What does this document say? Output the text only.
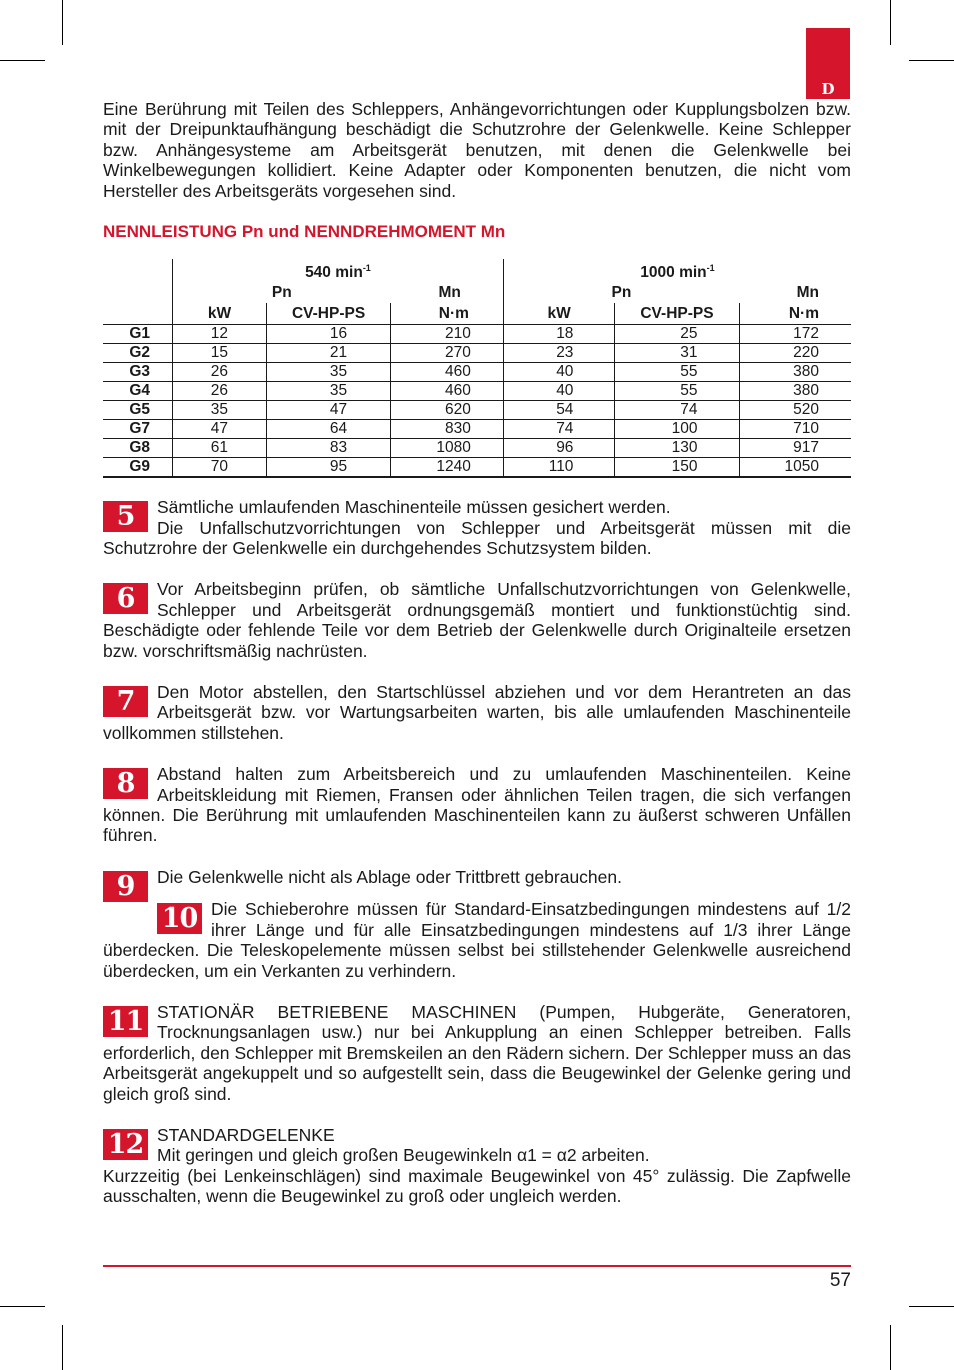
D

Eine Berührung mit Teilen des Schleppers, Anhängevorrichtungen oder Kupplungsbolzen bzw. mit der Dreipunktaufhängung beschädigt die Schutzrohre der Gelenkwelle. Keine Schlepper bzw. Anhängesysteme am Arbeitsgerät benutzen, mit denen die Gelenkwelle bei Winkelbewegungen kollidiert. Keine Adapter oder Komponenten benutzen, die nicht vom Hersteller des Arbeitsgeräts vorgesehen sind.

NENNLEISTUNG Pn und NENNDREHMOMENT Mn
	540 $\min^{-1}$			1000 $\min^{-1}$
	Pn		Mn	Pn		Mn
	kW	CV-HP-PS	N·m	kW	CV-HP-PS	N·m
G1	12	16	210	18	25	172
G2	15	21	270	23	31	220
G3	26	35	460	40	55	380
G4	26	35	460	40	55	380
G5	35	47	620	54	74	520
G7	47	64	830	74	100	710
G8	61	83	1080	96	130	917
G9	70	95	1240	110	150	1050
5	Sämtliche umlaufenden Maschinenteile müssen gesichert werden.
Die Unfallschutzvorrichtungen von Schlepper und Arbeitsgerät müssen mit die Schutzrohre der Gelenkwelle ein durchgehendes Schutzsystem bilden.

6	Vor Arbeitsbeginn prüfen, ob sämtliche Unfallschutzvorrichtungen von Gelenkwelle, Schlepper und Arbeitsgerät ordnungsgemäß montiert und funktionstüchtig sind. Beschädigte oder fehlende Teile vor dem Betrieb der Gelenkwelle durch Originalteile ersetzen bzw. vorschriftsmäßig nachrüsten.

7	Den Motor abstellen, den Startschlüssel abziehen und vor dem Herantreten an das Arbeitsgerät bzw. vor Wartungsarbeiten warten, bis alle umlaufenden Maschinenteile vollkommen stillstehen.

8	Abstand halten zum Arbeitsbereich und zu umlaufenden Maschinenteilen. Keine Arbeitskleidung mit Riemen, Fransen oder ähnlichen Teilen tragen, die sich verfangen können. Die Berührung mit umlaufenden Maschinenteilen kann zu äußerst schweren Unfällen führen.

9	Die Gelenkwelle nicht als Ablage oder Trittbrett gebrauchen.

10 Die Schieberohre müssen für Standard-Einsatzbedingungen mindestens auf 1/2 ihrer Länge und für alle Einsatzbedingungen mindestens auf 1/3 ihrer Länge überdecken. Die Teleskopelemente müssen selbst bei stillstehender Gelenkwelle ausreichend überdecken, um ein Verkanten zu verhindern.

11 STATIONÄR BETRIEBENE MASCHINEN (Pumpen, Hubgeräte, Generatoren, Trocknungsanlagen usw.) nur bei Ankupplung an einen Schlepper betreiben. Falls erforderlich, den Schlepper mit Bremskeilen an den Rädern sichern. Der Schlepper muss an das Arbeitsgerät angekuppelt und so aufgestellt sein, dass die Beugewinkel der Gelenke gering und gleich groß sind.

12 STANDARDGELENKE
Mit geringen und gleich großen Beugewinkeln α1 = α2 arbeiten.
Kurzzeitig (bei Lenkeinschlägen) sind maximale Beugewinkel von 45° zulässig. Die Zapfwelle ausschalten, wenn die Beugewinkel zu groß oder ungleich werden.

57
